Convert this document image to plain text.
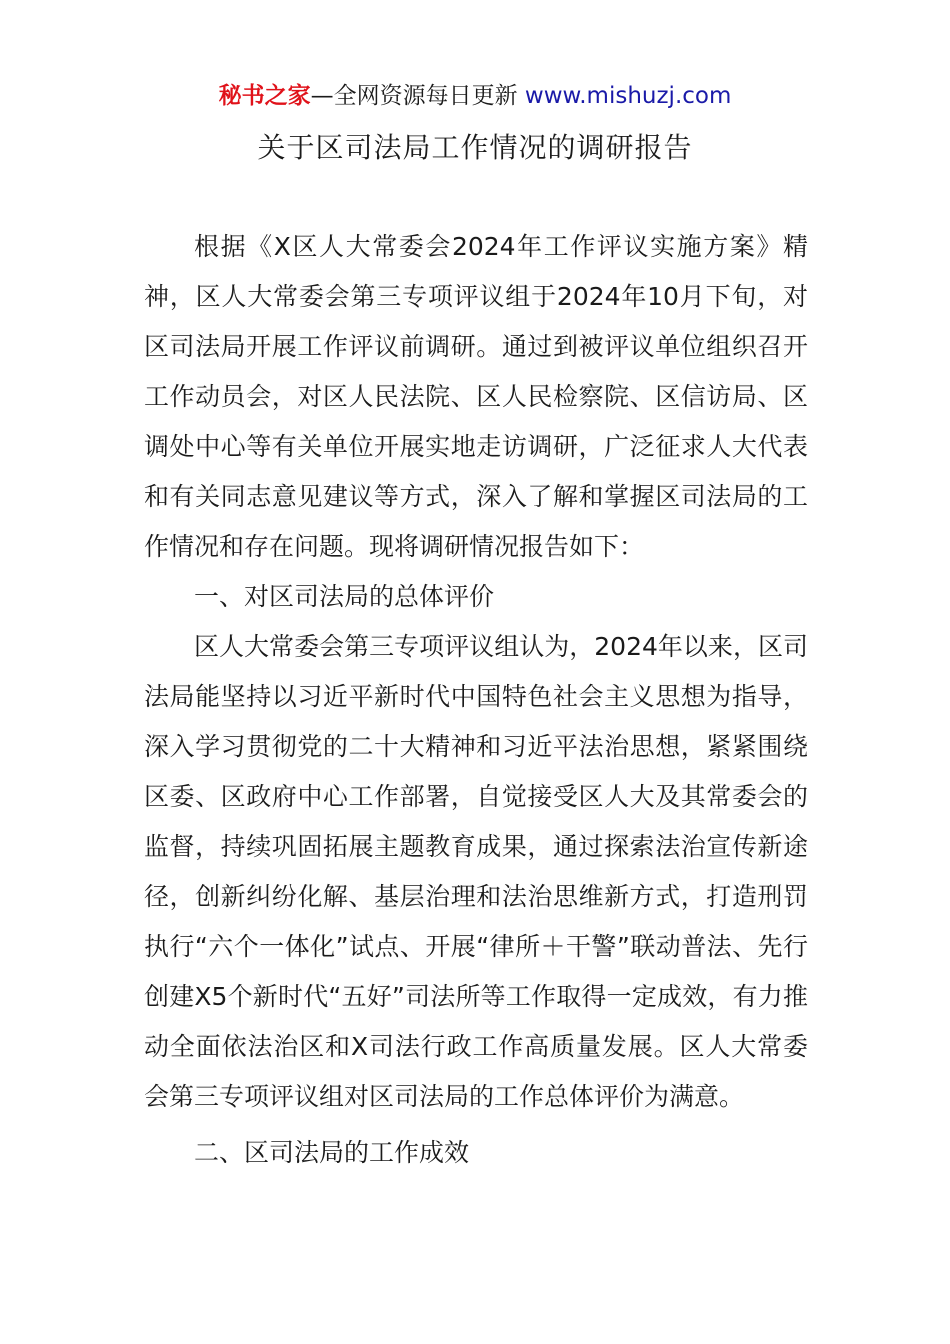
秘书之家—全网资源每日更新 www.mishuzj.com
关于区司法局工作情况的调研报告

根据《X区人大常委会2024年工作评议实施方案》精神，区人大常委会第三专项评议组于2024年10月下旬，对区司法局开展工作评议前调研。通过到被评议单位组织召开工作动员会，对区人民法院、区人民检察院、区信访局、区调处中心等有关单位开展实地走访调研，广泛征求人大代表和有关同志意见建议等方式，深入了解和掌握区司法局的工作情况和存在问题。现将调研情况报告如下：

一、对区司法局的总体评价

区人大常委会第三专项评议组认为，2024年以来，区司法局能坚持以习近平新时代中国特色社会主义思想为指导，深入学习贯彻党的二十大精神和习近平法治思想，紧紧围绕区委、区政府中心工作部署，自觉接受区人大及其常委会的监督，持续巩固拓展主题教育成果，通过探索法治宣传新途径，创新纠纷化解、基层治理和法治思维新方式，打造刑罚执行“六个一体化”试点、开展“律所＋干警”联动普法、先行创建X5个新时代“五好”司法所等工作取得一定成效，有力推动全面依法治区和X司法行政工作高质量发展。区人大常委会第三专项评议组对区司法局的工作总体评价为满意。

二、区司法局的工作成效
